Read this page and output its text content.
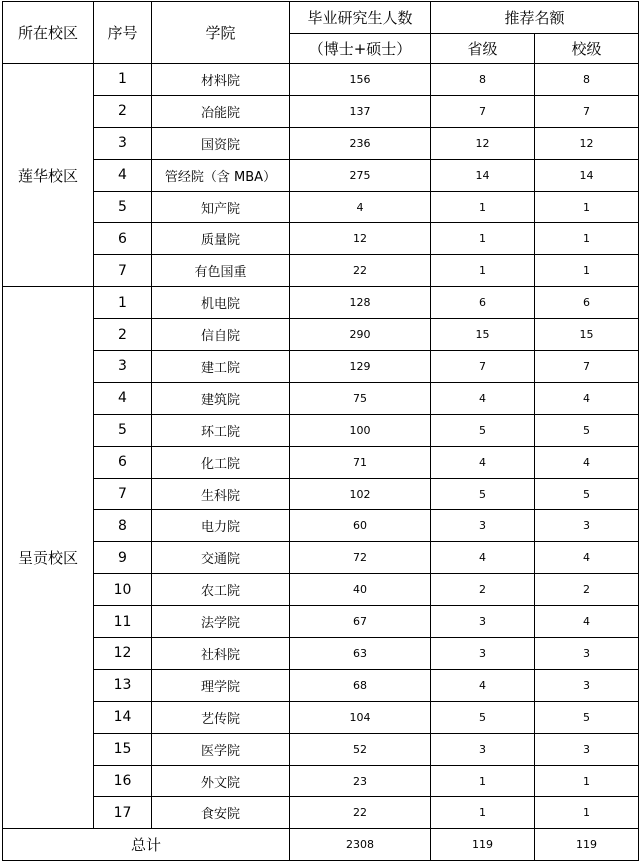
所在校区	序号	学院	毕业研究生人数	推荐名额	
			（博士+硕士）	省级	校级
莲华校区	1	材料院	156	8	8
	2	冶能院	137	7	7
	3	国资院	236	12	12
	4	管经院（含 MBA）	275	14	14
	5	知产院	4	1	1
	6	质量院	12	1	1
	7	有色国重	22	1	1
呈贡校区	1	机电院	128	6	6
	2	信自院	290	15	15
	3	建工院	129	7	7
	4	建筑院	75	4	4
	5	环工院	100	5	5
	6	化工院	71	4	4
	7	生科院	102	5	5
	8	电力院	60	3	3
	9	交通院	72	4	4
	10	农工院	40	2	2
	11	法学院	67	3	4
	12	社科院	63	3	3
	13	理学院	68	4	3
	14	艺传院	104	5	5
	15	医学院	52	3	3
	16	外文院	23	1	1
	17	食安院	22	1	1
总计			2308	119	119
